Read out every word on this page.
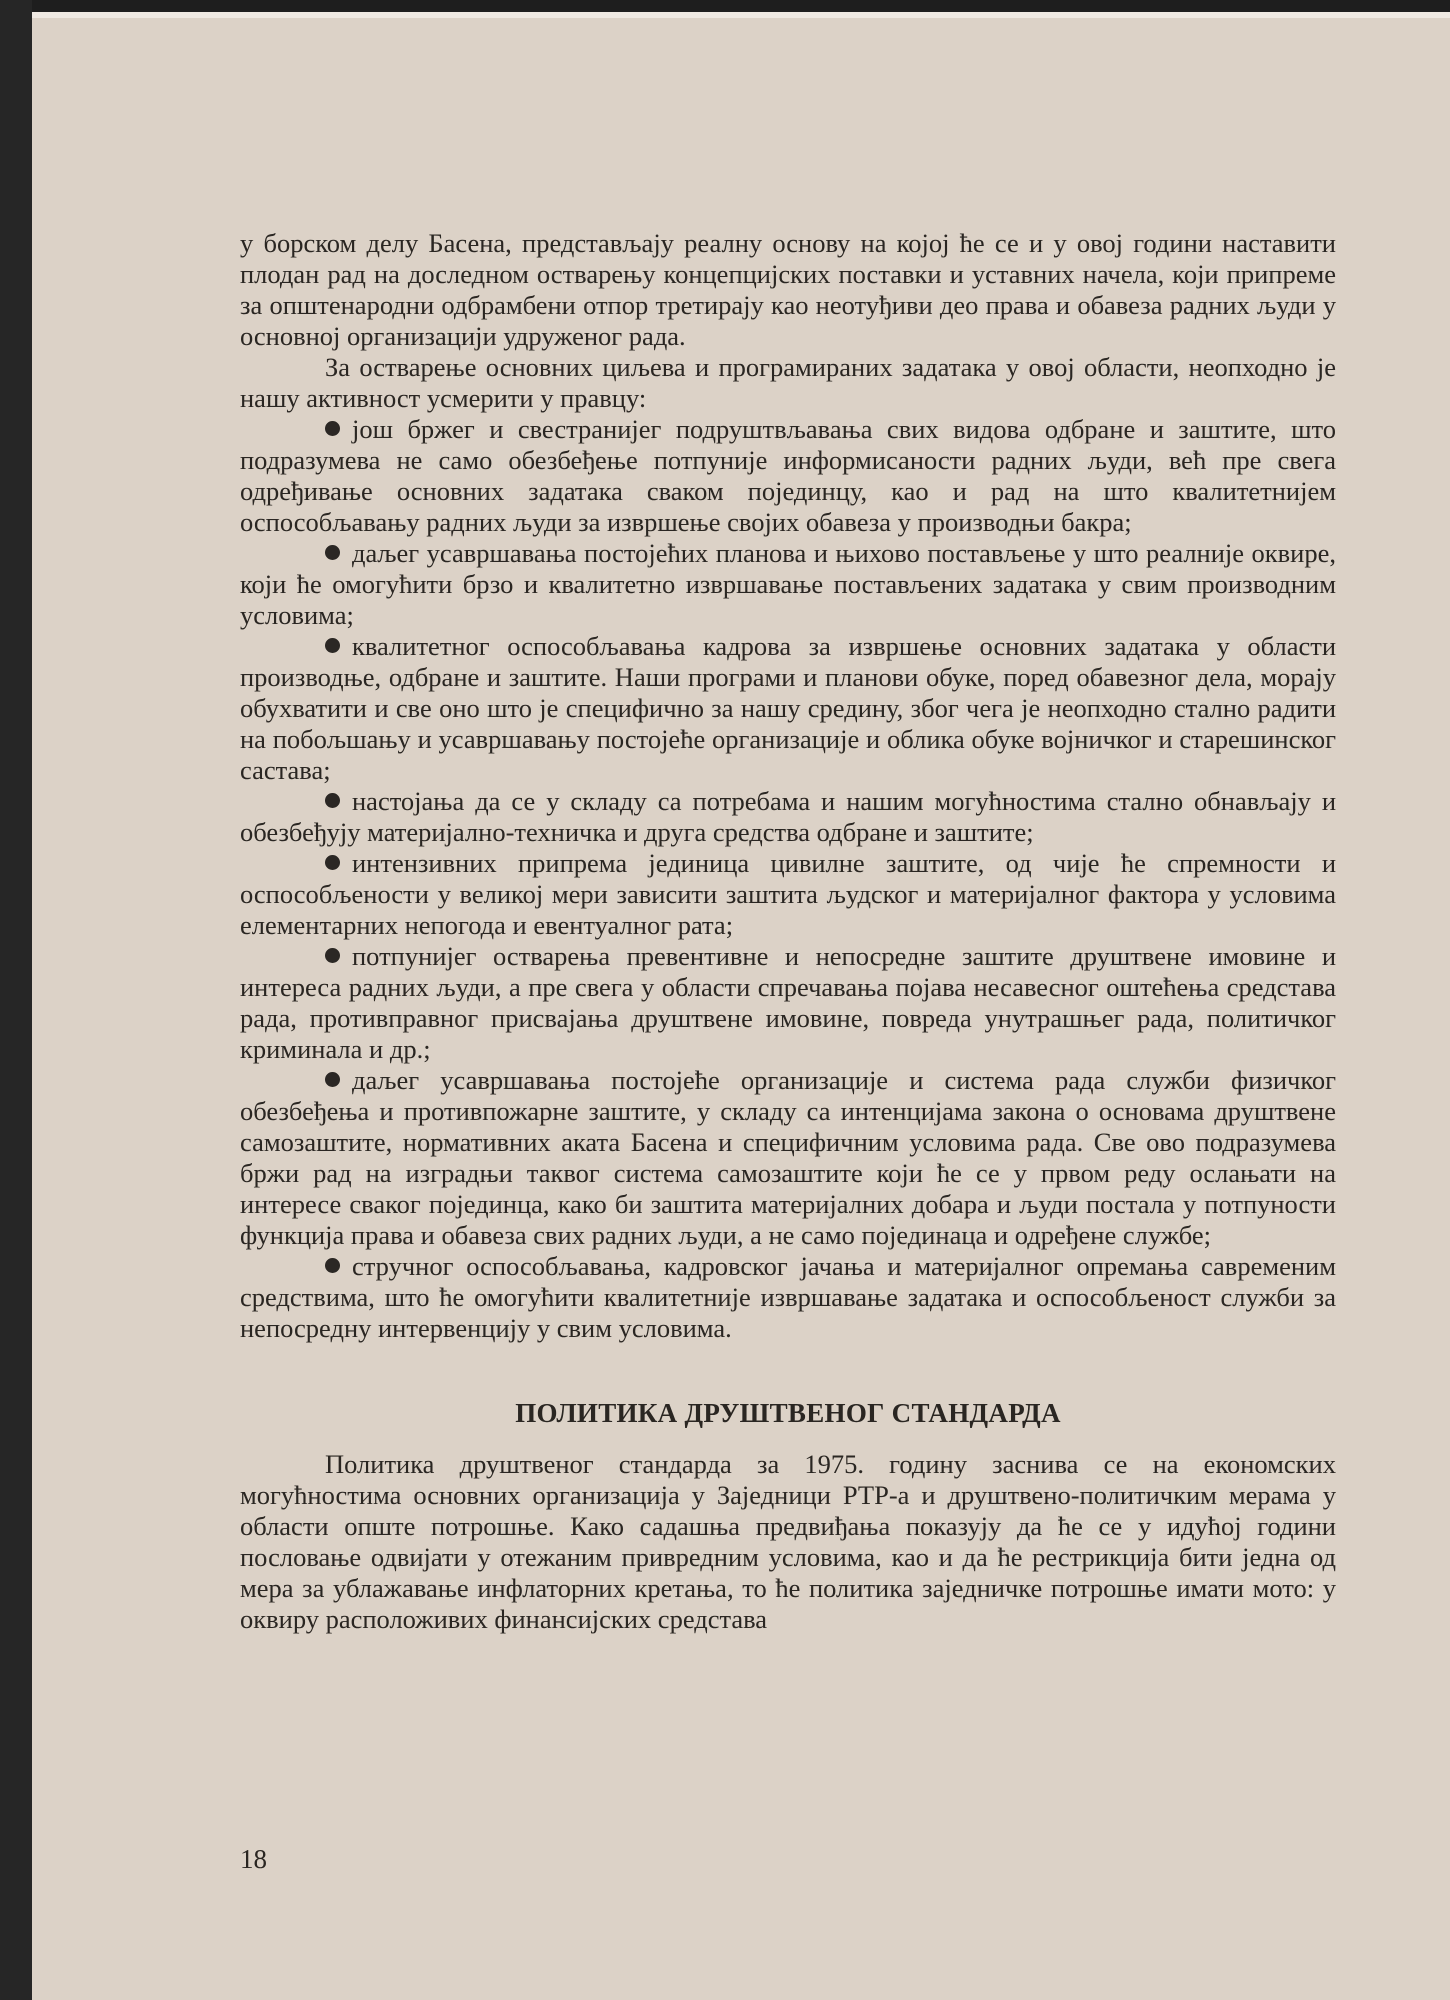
у борском делу Басена, представљају реалну основу на којој ће се и у овој години наставити плодан рад на доследном остварењу концепцијских поставки и уставних начела, који припреме за општенародни одбрамбени отпор третирају као неотуђиви део права и обавеза радних људи у основној организацији удруженог рада.

За остварење основних циљева и програмираних задатака у овој области, неопходно је нашу активност усмерити у правцу:

још бржег и свестранијег подруштвљавања свих видова одбране и заштите, што подразумева не само обезбеђење потпуније информисаности радних људи, већ пре свега одређивање основних задатака сваком појединцу, као и рад на што квалитетнијем оспособљавању радних људи за извршење својих обавеза у производњи бакра;

даљег усавршавања постојећих планова и њихово постављење у што реалније оквире, који ће омогућити брзо и квалитетно извршавање постављених задатака у свим производним условима;

квалитетног оспособљавања кадрова за извршење основних задатака у области производње, одбране и заштите. Наши програми и планови обуке, поред обавезног дела, морају обухватити и све оно што је специфично за нашу средину, због чега је неопходно стално радити на побољшању и усавршавању постојеће организације и облика обуке војничког и старешинског састава;

настојања да се у складу са потребама и нашим могућностима стално обнављају и обезбеђују материјално-техничка и друга средства одбране и заштите;

интензивних припрема јединица цивилне заштите, од чије ће спремности и оспособљености у великој мери зависити заштита људског и материјалног фактора у условима елементарних непогода и евентуалног рата;

потпунијег остварења превентивне и непосредне заштите друштвене имовине и интереса радних људи, а пре свега у области спречавања појава несавесног оштећења средстава рада, противправног присвајања друштвене имовине, повреда унутрашњег рада, политичког криминала и др.;

даљег усавршавања постојеће организације и система рада служби физичког обезбеђења и противпожарне заштите, у складу са интенцијама закона о основама друштвене самозаштите, нормативних аката Басена и специфичним условима рада. Све ово подразумева бржи рад на изградњи таквог система самозаштите који ће се у првом реду ослањати на интересе сваког појединца, како би заштита материјалних добара и људи постала у потпуности функција права и обавеза свих радних људи, а не само појединаца и одређене службе;

стручног оспособљавања, кадровског јачања и материјалног опремања савременим средствима, што ће омогућити квалитетније извршавање задатака и оспособљеност служби за непосредну интервенцију у свим условима.

ПОЛИТИКА ДРУШТВЕНОГ СТАНДАРДА

Политика друштвеног стандарда за 1975. годину заснива се на економских могућностима основних организација у Заједници РТР-а и друштвено-политичким мерама у области опште потрошње. Како садашња предвиђања показују да ће се у идућој години пословање одвијати у отежаним привредним условима, као и да ће рестрикција бити једна од мера за ублажавање инфлаторних кретања, то ће политика заједничке потрошње имати мото: у оквиру расположивих финансијских средстава

18
